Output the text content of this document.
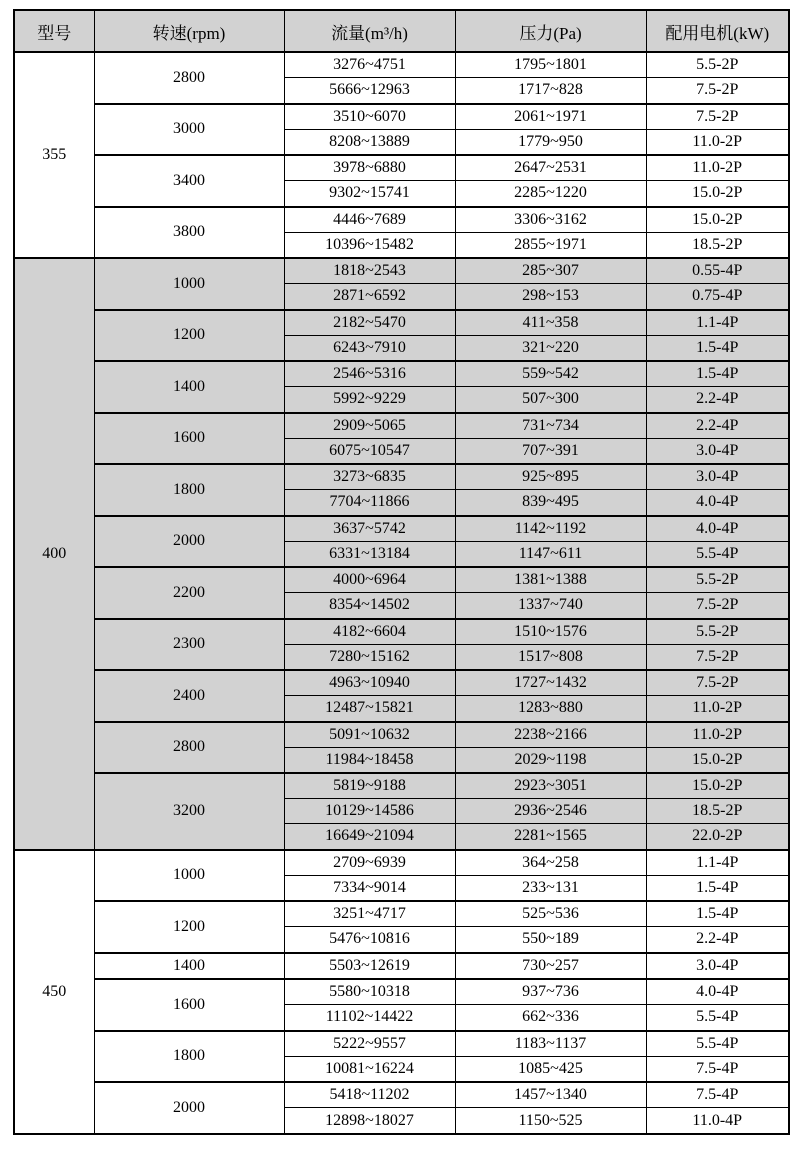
型号	转速(rpm)	流量(m³/h)	压力(Pa)	配用电机(kW)
355	2800	3276~4751	1795~1801	5.5-2P
		5666~12963	1717~828	7.5-2P
	3000	3510~6070	2061~1971	7.5-2P
		8208~13889	1779~950	11.0-2P
	3400	3978~6880	2647~2531	11.0-2P
		9302~15741	2285~1220	15.0-2P
	3800	4446~7689	3306~3162	15.0-2P
		10396~15482	2855~1971	18.5-2P
400	1000	1818~2543	285~307	0.55-4P
		2871~6592	298~153	0.75-4P
	1200	2182~5470	411~358	1.1-4P
		6243~7910	321~220	1.5-4P
	1400	2546~5316	559~542	1.5-4P
		5992~9229	507~300	2.2-4P
	1600	2909~5065	731~734	2.2-4P
		6075~10547	707~391	3.0-4P
	1800	3273~6835	925~895	3.0-4P
		7704~11866	839~495	4.0-4P
	2000	3637~5742	1142~1192	4.0-4P
		6331~13184	1147~611	5.5-4P
	2200	4000~6964	1381~1388	5.5-2P
		8354~14502	1337~740	7.5-2P
	2300	4182~6604	1510~1576	5.5-2P
		7280~15162	1517~808	7.5-2P
	2400	4963~10940	1727~1432	7.5-2P
		12487~15821	1283~880	11.0-2P
	2800	5091~10632	2238~2166	11.0-2P
		11984~18458	2029~1198	15.0-2P
	3200	5819~9188	2923~3051	15.0-2P
		10129~14586	2936~2546	18.5-2P
		16649~21094	2281~1565	22.0-2P
450	1000	2709~6939	364~258	1.1-4P
		7334~9014	233~131	1.5-4P
	1200	3251~4717	525~536	1.5-4P
		5476~10816	550~189	2.2-4P
	1400	5503~12619	730~257	3.0-4P
	1600	5580~10318	937~736	4.0-4P
		11102~14422	662~336	5.5-4P
	1800	5222~9557	1183~1137	5.5-4P
		10081~16224	1085~425	7.5-4P
	2000	5418~11202	1457~1340	7.5-4P
		12898~18027	1150~525	11.0-4P
